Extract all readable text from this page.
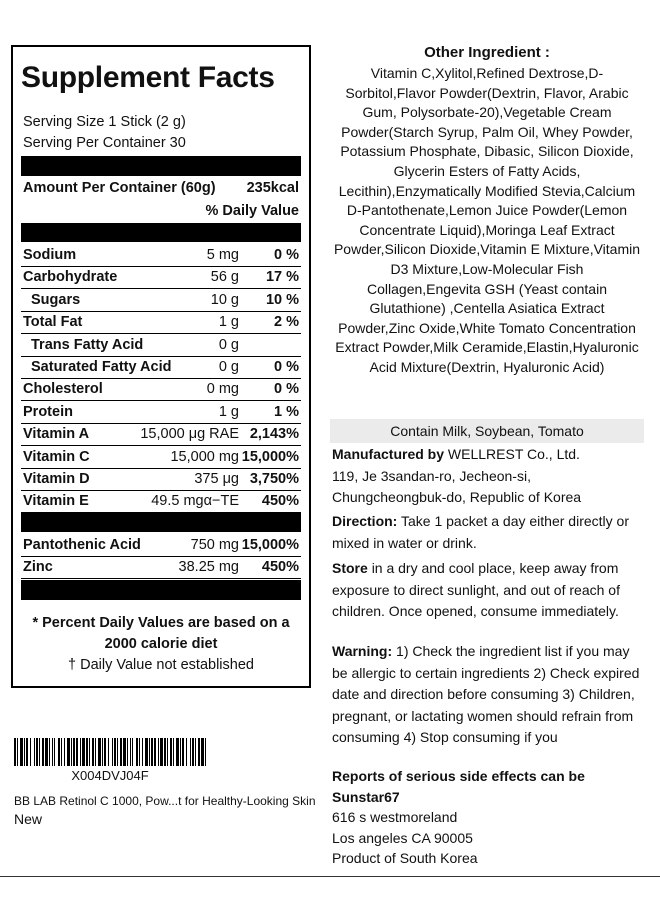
Supplement Facts
Serving Size 1 Stick (2 g)
Serving Per Container 30
Amount Per Container (60g) 235kcal
% Daily Value
Sodium	5 mg 0 %
Carbohydrate	56 g 17 %
Sugars	10 g 10 %
Total Fat	1 g 2 %
Trans Fatty Acid	0 g
Saturated Fatty Acid	0 g 0 %
Cholesterol	0 mg 0 %
Protein	1 g 1 %
Vitamin A	15,000 μg RAE 2,143%
Vitamin C	15,000 mg 15,000%
Vitamin D	375 μg 3,750%
Vitamin E	49.5 mgα−TE 450%
Pantothenic Acid	750 mg 15,000%
Zinc	38.25 mg 450%
* Percent Daily Values are based on a
2000 calorie diet
† Daily Value not established
X004DVJ04F
BB LAB Retinol C 1000, Pow...t for Healthy-Looking Skin
New
Other Ingredient :
Vitamin C,Xylitol,Refined Dextrose,D-Sorbitol,Flavor Powder(Dextrin, Flavor, Arabic Gum, Polysorbate-20),Vegetable Cream Powder(Starch Syrup, Palm Oil, Whey Powder, Potassium Phosphate, Dibasic, Silicon Dioxide, Glycerin Esters of Fatty Acids, Lecithin),Enzymatically Modified Stevia,Calcium D-Pantothenate,Lemon Juice Powder(Lemon Concentrate Liquid),Moringa Leaf Extract Powder,Silicon Dioxide,Vitamin E Mixture,Vitamin D3 Mixture,Low-Molecular Fish Collagen,Engevita GSH (Yeast contain Glutathione) ,Centella Asiatica Extract Powder,Zinc Oxide,White Tomato Concentration Extract Powder,Milk Ceramide,Elastin,Hyaluronic Acid Mixture(Dextrin, Hyaluronic Acid)
Contain Milk, Soybean, Tomato
Manufactured by WELLREST Co., Ltd.
119, Je 3sandan-ro, Jecheon-si, Chungcheongbuk-do, Republic of Korea
Direction: Take 1 packet a day either directly or mixed in water or drink.
Store in a dry and cool place, keep away from exposure to direct sunlight, and out of reach of children. Once opened, consume immediately.
Warning: 1) Check the ingredient list if you may be allergic to certain ingredients 2) Check expired date and direction before consuming 3) Children, pregnant, or lactating women should refrain from consuming 4) Stop consuming if you
Reports of serious side effects can be Sunstar67
616 s westmoreland
Los angeles CA 90005
Product of South Korea
